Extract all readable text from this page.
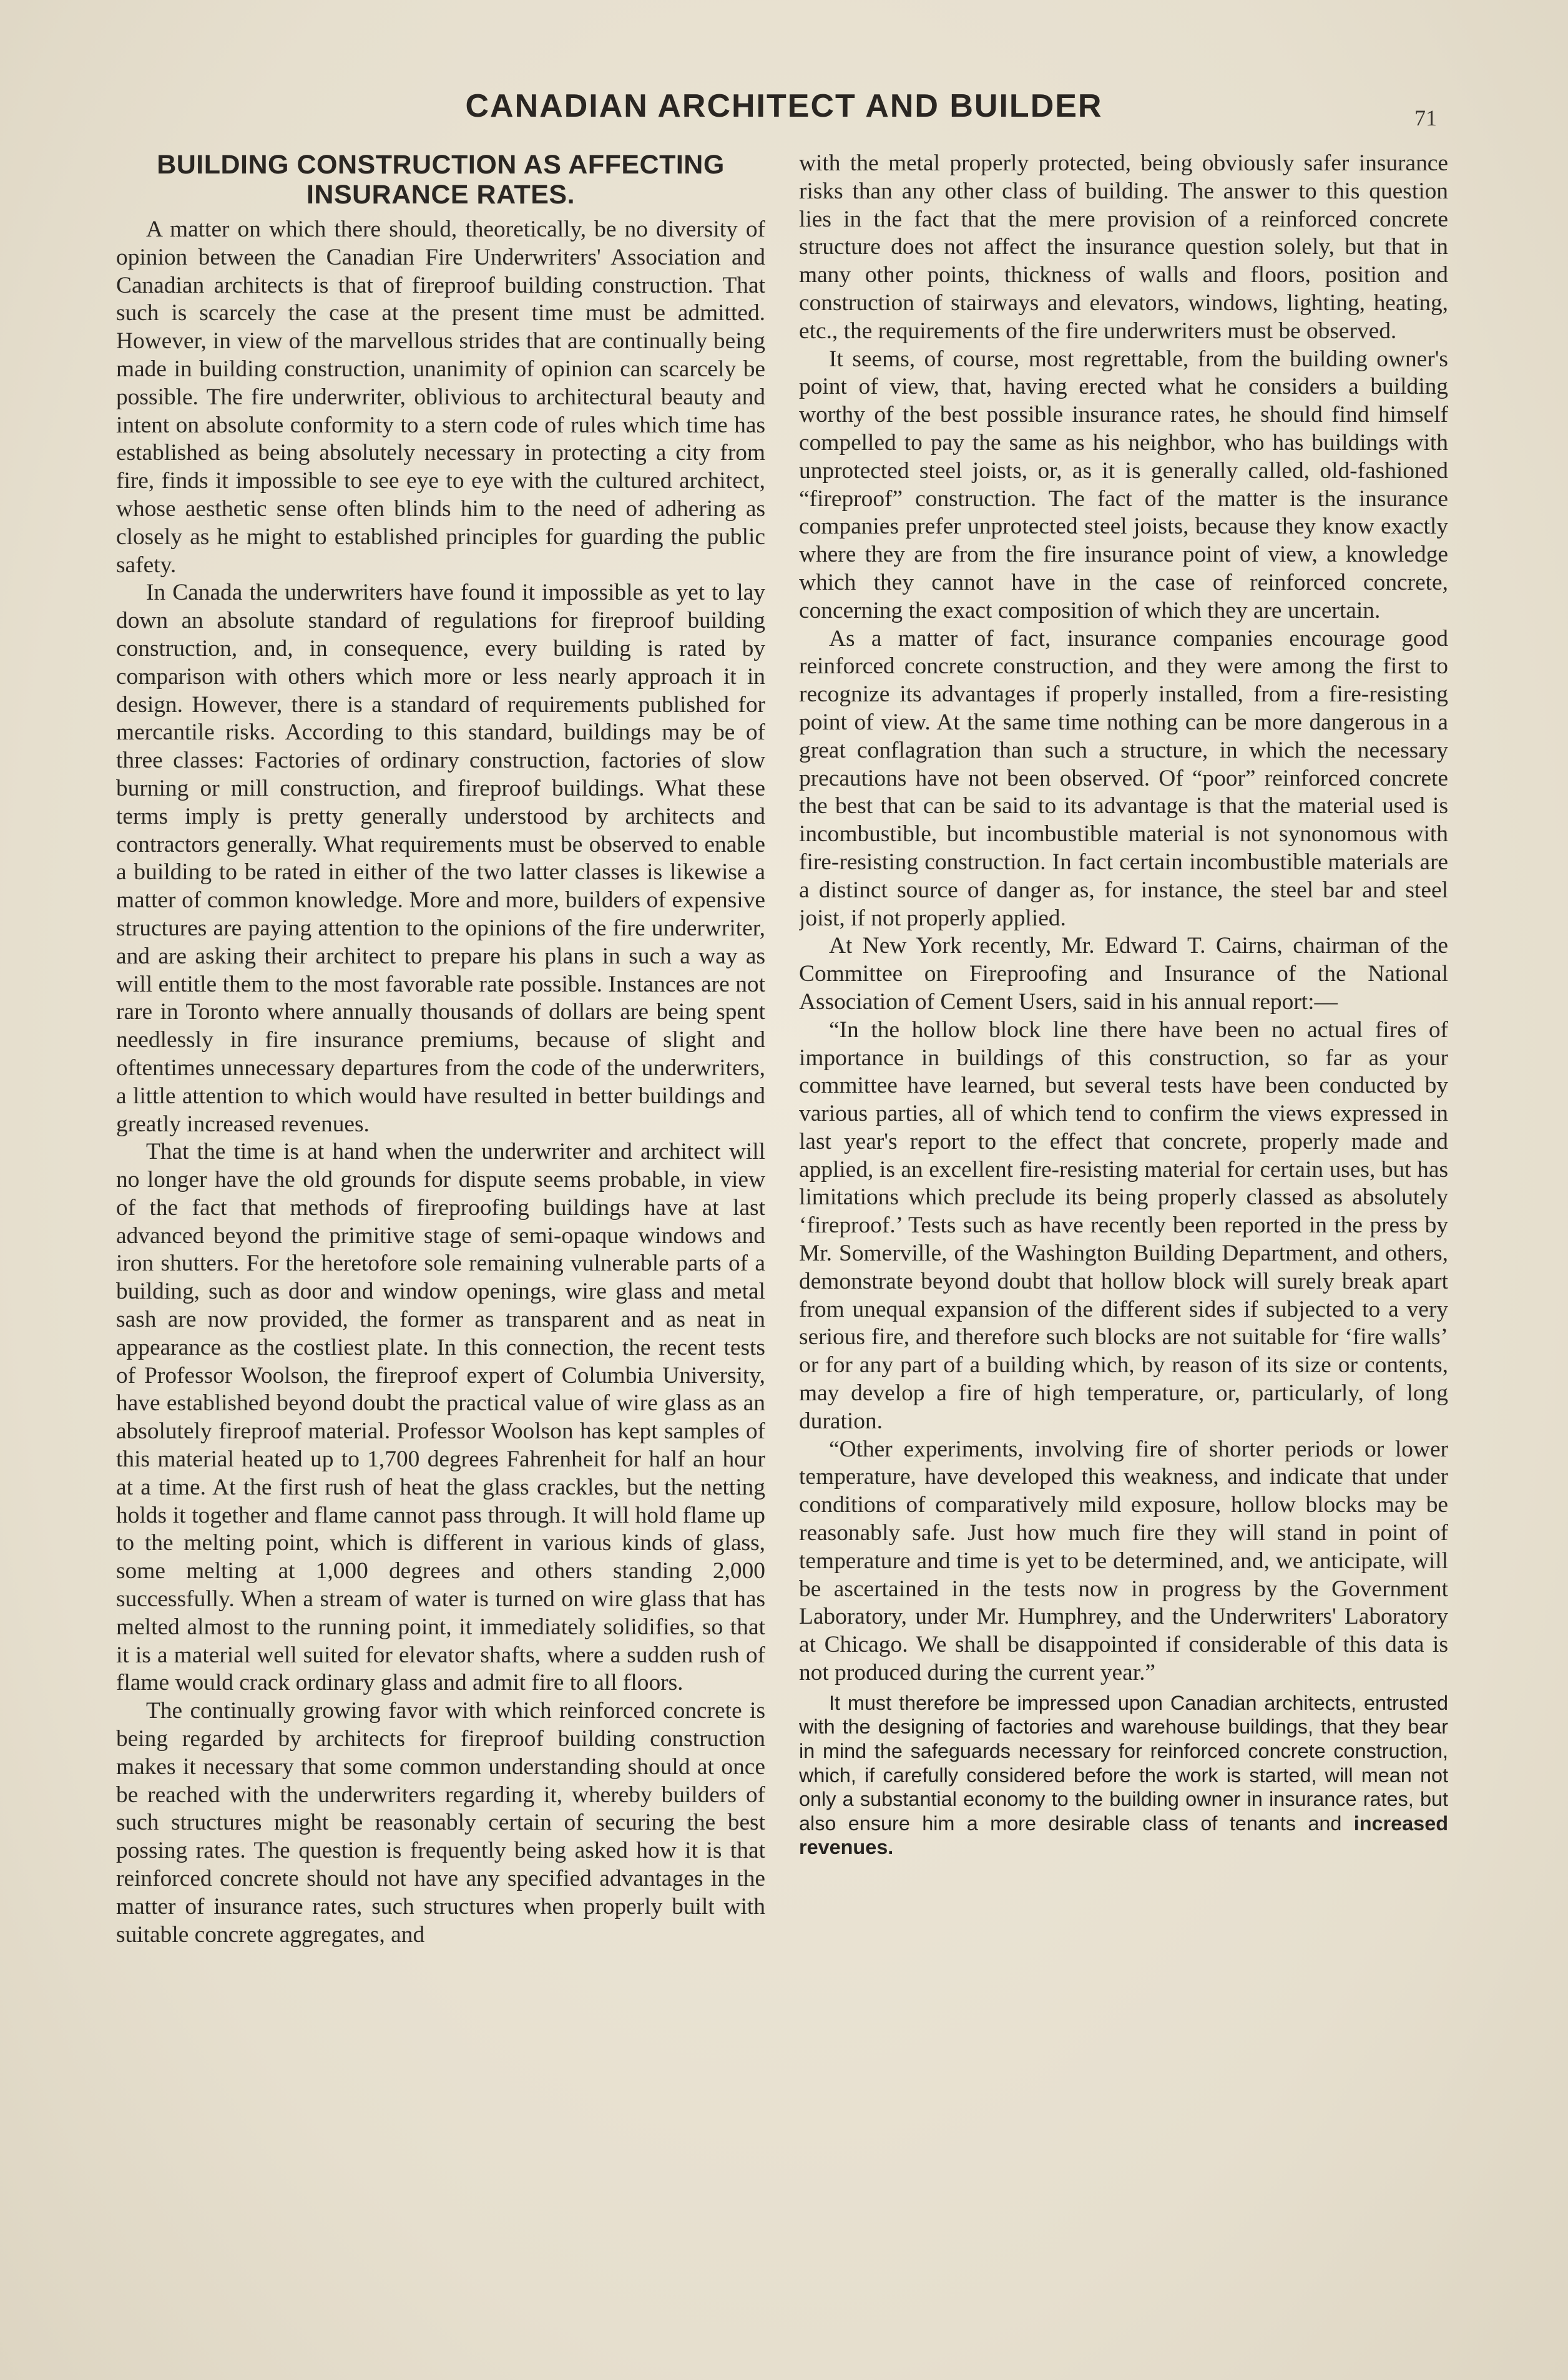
CANADIAN ARCHITECT AND BUILDER	71
BUILDING CONSTRUCTION AS AFFECTING INSURANCE RATES.

A matter on which there should, theoretically, be no diversity of opinion between the Canadian Fire Underwriters' Association and Canadian architects is that of fireproof building construction. That such is scarcely the case at the present time must be admitted. However, in view of the marvellous strides that are continually being made in building construction, unanimity of opinion can scarcely be possible. The fire underwriter, oblivious to architectural beauty and intent on absolute conformity to a stern code of rules which time has established as being absolutely necessary in protecting a city from fire, finds it impossible to see eye to eye with the cultured architect, whose aesthetic sense often blinds him to the need of adhering as closely as he might to established principles for guarding the public safety.

In Canada the underwriters have found it impossible as yet to lay down an absolute standard of regulations for fireproof building construction, and, in consequence, every building is rated by comparison with others which more or less nearly approach it in design. However, there is a standard of requirements published for mercantile risks. According to this standard, buildings may be of three classes: Factories of ordinary construction, factories of slow burning or mill construction, and fireproof buildings. What these terms imply is pretty generally understood by architects and contractors generally. What requirements must be observed to enable a building to be rated in either of the two latter classes is likewise a matter of common knowledge. More and more, builders of expensive structures are paying attention to the opinions of the fire underwriter, and are asking their architect to prepare his plans in such a way as will entitle them to the most favorable rate possible. Instances are not rare in Toronto where annually thousands of dollars are being spent needlessly in fire insurance premiums, because of slight and oftentimes unnecessary departures from the code of the underwriters, a little attention to which would have resulted in better buildings and greatly increased revenues.

That the time is at hand when the underwriter and architect will no longer have the old grounds for dispute seems probable, in view of the fact that methods of fireproofing buildings have at last advanced beyond the primitive stage of semi-opaque windows and iron shutters. For the heretofore sole remaining vulnerable parts of a building, such as door and window openings, wire glass and metal sash are now provided, the former as transparent and as neat in appearance as the costliest plate. In this connection, the recent tests of Professor Woolson, the fireproof expert of Columbia University, have established beyond doubt the practical value of wire glass as an absolutely fireproof material. Professor Woolson has kept samples of this material heated up to 1,700 degrees Fahrenheit for half an hour at a time. At the first rush of heat the glass crackles, but the netting holds it together and flame cannot pass through. It will hold flame up to the melting point, which is different in various kinds of glass, some melting at 1,000 degrees and others standing 2,000 successfully. When a stream of water is turned on wire glass that has melted almost to the running point, it immediately solidifies, so that it is a material well suited for elevator shafts, where a sudden rush of flame would crack ordinary glass and admit fire to all floors.

The continually growing favor with which reinforced concrete is being regarded by architects for fireproof building construction makes it necessary that some common understanding should at once be reached with the underwriters regarding it, whereby builders of such structures might be reasonably certain of securing the best possing rates. The question is frequently being asked how it is that reinforced concrete should not have any specified advantages in the matter of insurance rates, such structures when properly built with suitable concrete aggregates, and

with the metal properly protected, being obviously safer insurance risks than any other class of building. The answer to this question lies in the fact that the mere provision of a reinforced concrete structure does not affect the insurance question solely, but that in many other points, thickness of walls and floors, position and construction of stairways and elevators, windows, lighting, heating, etc., the requirements of the fire underwriters must be observed.

It seems, of course, most regrettable, from the building owner's point of view, that, having erected what he considers a building worthy of the best possible insurance rates, he should find himself compelled to pay the same as his neighbor, who has buildings with unprotected steel joists, or, as it is generally called, old-fashioned “fireproof” construction. The fact of the matter is the insurance companies prefer unprotected steel joists, because they know exactly where they are from the fire insurance point of view, a knowledge which they cannot have in the case of reinforced concrete, concerning the exact composition of which they are uncertain.

As a matter of fact, insurance companies encourage good reinforced concrete construction, and they were among the first to recognize its advantages if properly installed, from a fire-resisting point of view. At the same time nothing can be more dangerous in a great conflagration than such a structure, in which the necessary precautions have not been observed. Of “poor” reinforced concrete the best that can be said to its advantage is that the material used is incombustible, but incombustible material is not synonomous with fire-resisting construction. In fact certain incombustible materials are a distinct source of danger as, for instance, the steel bar and steel joist, if not properly applied.

At New York recently, Mr. Edward T. Cairns, chairman of the Committee on Fireproofing and Insurance of the National Association of Cement Users, said in his annual report:—

“In the hollow block line there have been no actual fires of importance in buildings of this construction, so far as your committee have learned, but several tests have been conducted by various parties, all of which tend to confirm the views expressed in last year's report to the effect that concrete, properly made and applied, is an excellent fire-resisting material for certain uses, but has limitations which preclude its being properly classed as absolutely ‘fireproof.’ Tests such as have recently been reported in the press by Mr. Somerville, of the Washington Building Department, and others, demonstrate beyond doubt that hollow block will surely break apart from unequal expansion of the different sides if subjected to a very serious fire, and therefore such blocks are not suitable for ‘fire walls’ or for any part of a building which, by reason of its size or contents, may develop a fire of high temperature, or, particularly, of long duration.

“Other experiments, involving fire of shorter periods or lower temperature, have developed this weakness, and indicate that under conditions of comparatively mild exposure, hollow blocks may be reasonably safe. Just how much fire they will stand in point of temperature and time is yet to be determined, and, we anticipate, will be ascertained in the tests now in progress by the Government Laboratory, under Mr. Humphrey, and the Underwriters' Laboratory at Chicago. We shall be disappointed if considerable of this data is not produced during the current year.”

It must therefore be impressed upon Canadian architects, entrusted with the designing of factories and warehouse buildings, that they bear in mind the safeguards necessary for reinforced concrete construction, which, if carefully considered before the work is started, will mean not only a substantial economy to the building owner in insurance rates, but also ensure him a more desirable class of tenants and increased revenues.
